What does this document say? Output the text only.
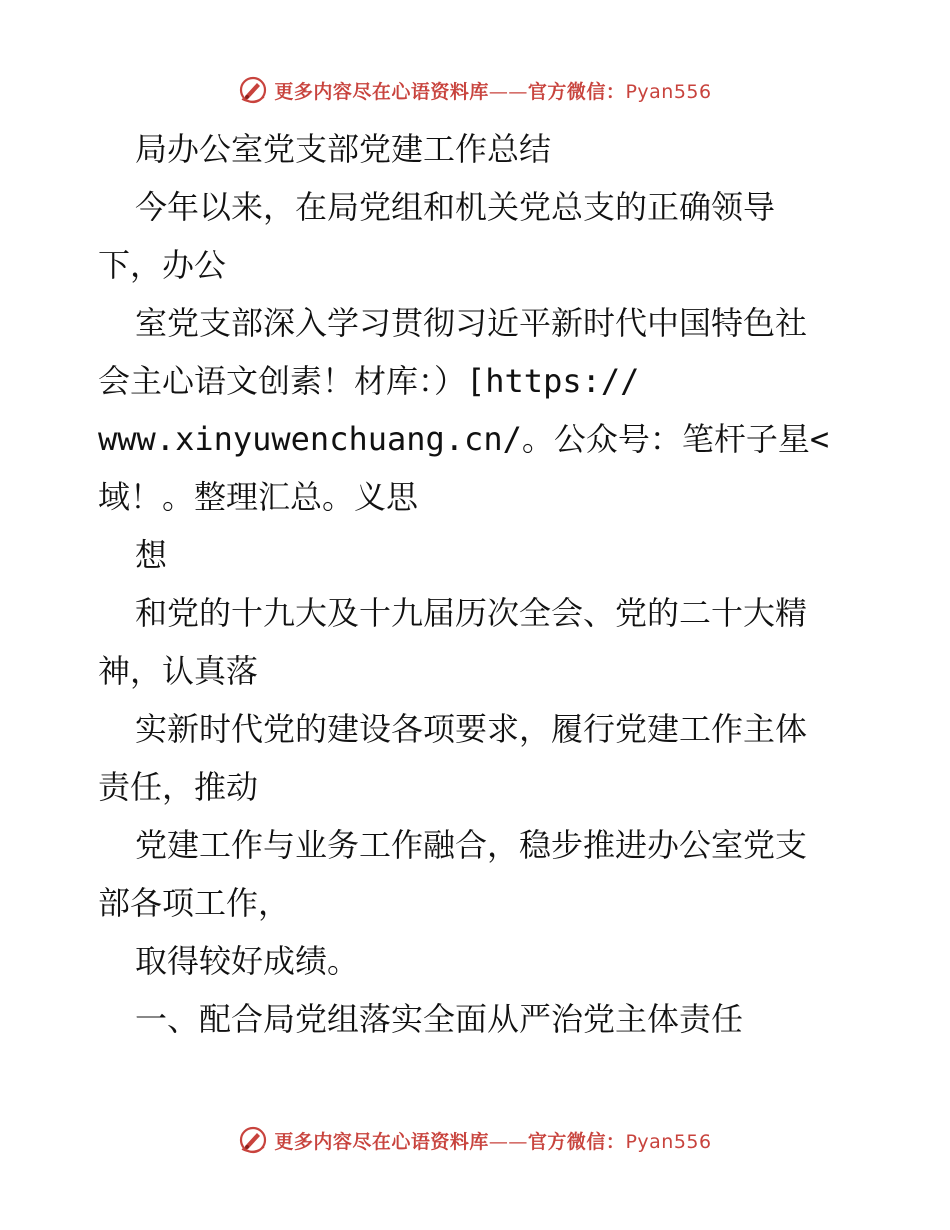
更多内容尽在心语资料库——官方微信：Pyan556
局办公室党支部党建工作总结
今年以来，在局党组和机关党总支的正确领导
下，办公
室党支部深入学习贯彻习近平新时代中国特色社
会主心语文创素！材库：）[https://
www.xinyuwenchuang.cn/。公众号：笔杆子星<
域！。整理汇总。义思
想
和党的十九大及十九届历次全会、党的二十大精
神，认真落
实新时代党的建设各项要求，履行党建工作主体
责任，推动
党建工作与业务工作融合，稳步推进办公室党支
部各项工作，
取得较好成绩。
一、配合局党组落实全面从严治党主体责任
更多内容尽在心语资料库——官方微信：Pyan556
